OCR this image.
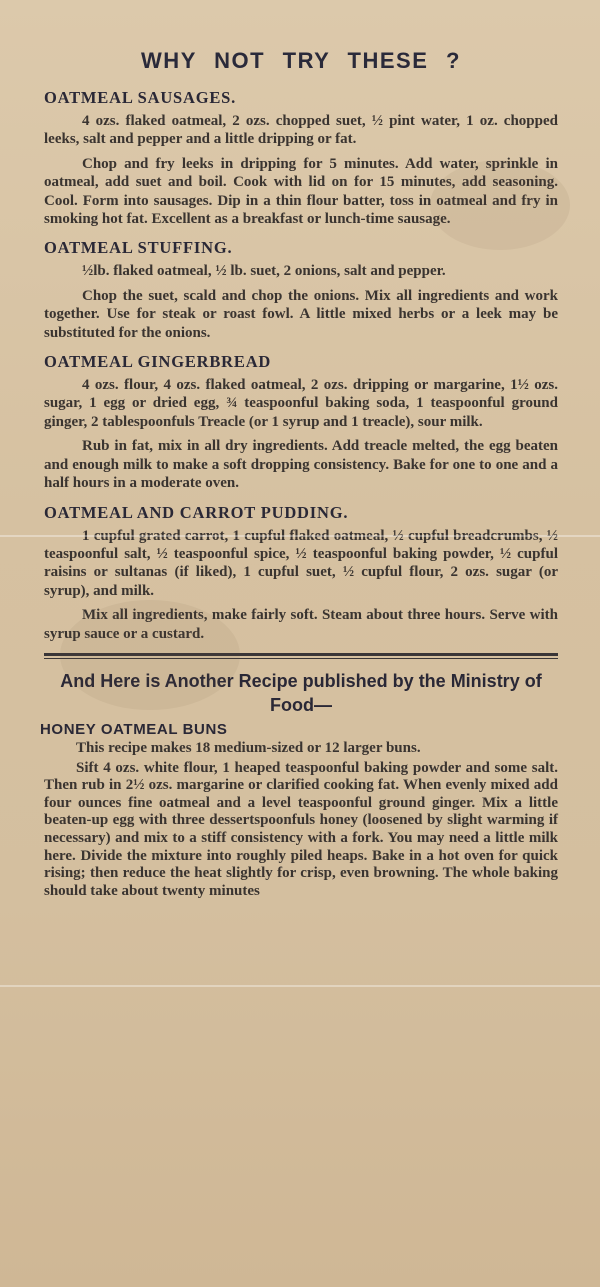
WHY NOT TRY THESE ?
OATMEAL SAUSAGES.

4 ozs. flaked oatmeal, 2 ozs. chopped suet, ½ pint water, 1 oz. chopped leeks, salt and pepper and a little dripping or fat.

Chop and fry leeks in dripping for 5 minutes. Add water, sprinkle in oatmeal, add suet and boil. Cook with lid on for 15 minutes, add seasoning. Cool. Form into sausages. Dip in a thin flour batter, toss in oatmeal and fry in smoking hot fat. Excellent as a breakfast or lunch-time sausage.

OATMEAL STUFFING.

½lb. flaked oatmeal, ½ lb. suet, 2 onions, salt and pepper.

Chop the suet, scald and chop the onions. Mix all ingredients and work together. Use for steak or roast fowl. A little mixed herbs or a leek may be substituted for the onions.

OATMEAL GINGERBREAD

4 ozs. flour, 4 ozs. flaked oatmeal, 2 ozs. dripping or margarine, 1½ ozs. sugar, 1 egg or dried egg, ¾ teaspoonful baking soda, 1 teaspoonful ground ginger, 2 tablespoonfuls Treacle (or 1 syrup and 1 treacle), sour milk.

Rub in fat, mix in all dry ingredients. Add treacle melted, the egg beaten and enough milk to make a soft dropping consistency. Bake for one to one and a half hours in a moderate oven.

OATMEAL AND CARROT PUDDING.

1 cupful grated carrot, 1 cupful flaked oatmeal, ½ cupful breadcrumbs, ½ teaspoonful salt, ½ teaspoonful spice, ½ teaspoonful baking powder, ½ cupful raisins or sultanas (if liked), 1 cupful suet, ½ cupful flour, 2 ozs. sugar (or syrup), and milk.

Mix all ingredients, make fairly soft. Steam about three hours. Serve with syrup sauce or a custard.

And Here is Another Recipe published by the Ministry of Food—
HONEY OATMEAL BUNS

This recipe makes 18 medium-sized or 12 larger buns.

Sift 4 ozs. white flour, 1 heaped teaspoonful baking powder and some salt. Then rub in 2½ ozs. margarine or clarified cooking fat. When evenly mixed add four ounces fine oatmeal and a level teaspoonful ground ginger. Mix a little beaten-up egg with three dessertspoonfuls honey (loosened by slight warming if necessary) and mix to a stiff consistency with a fork. You may need a little milk here. Divide the mixture into roughly piled heaps. Bake in a hot oven for quick rising; then reduce the heat slightly for crisp, even browning. The whole baking should take about twenty minutes
